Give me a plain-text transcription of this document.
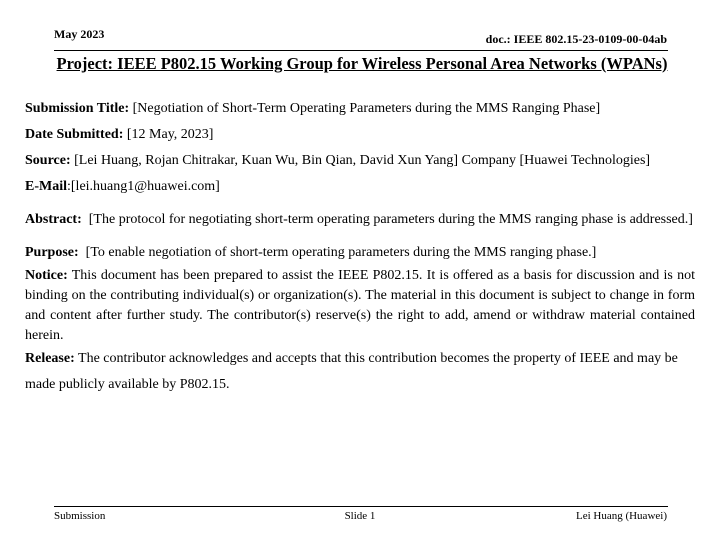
May 2023	doc.: IEEE 802.15-23-0109-00-04ab
Project: IEEE P802.15 Working Group for Wireless Personal Area Networks (WPANs)

Submission Title: [Negotiation of Short-Term Operating Parameters during the MMS Ranging Phase]

Date Submitted: [12 May, 2023]

Source: [Lei Huang, Rojan Chitrakar, Kuan Wu, Bin Qian, David Xun Yang] Company [Huawei Technologies]

E-Mail:[lei.huang1@huawei.com]

Abstract: [The protocol for negotiating short-term operating parameters during the MMS ranging phase is addressed.]

Purpose: [To enable negotiation of short-term operating parameters during the MMS ranging phase.]

Notice: This document has been prepared to assist the IEEE P802.15. It is offered as a basis for discussion and is not binding on the contributing individual(s) or organization(s). The material in this document is subject to change in form and content after further study. The contributor(s) reserve(s) the right to add, amend or withdraw material contained herein.

Release: The contributor acknowledges and accepts that this contribution becomes the property of IEEE and may be made publicly available by P802.15.

Submission	Slide 1	Lei Huang (Huawei)
